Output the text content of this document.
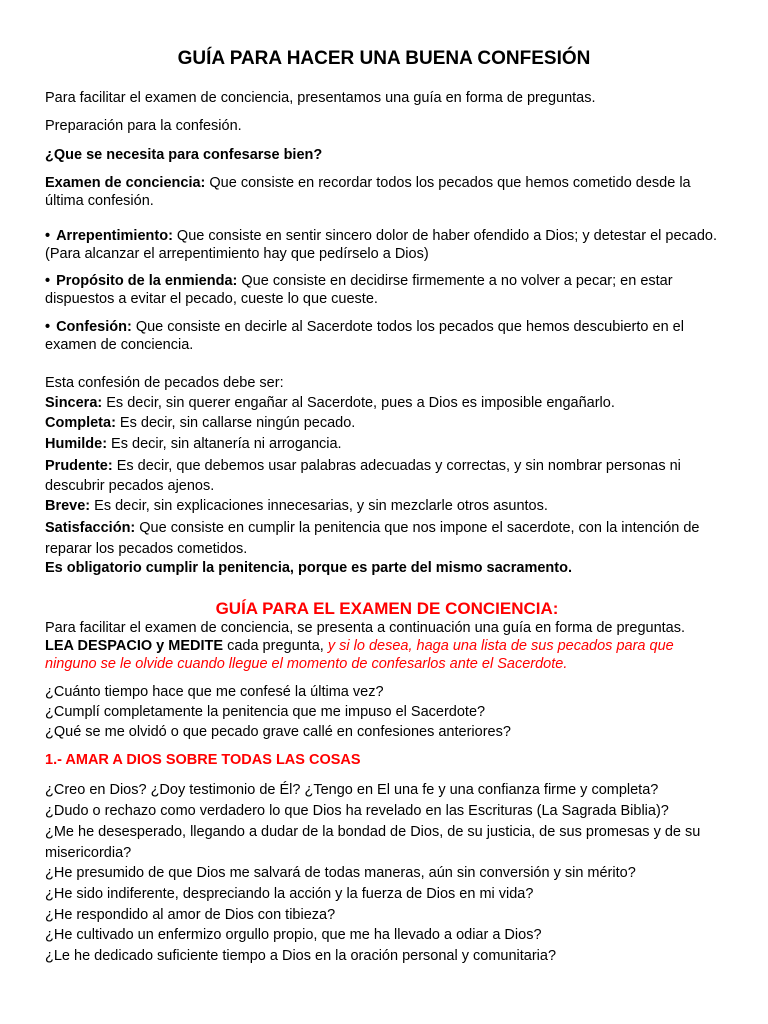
GUÍA PARA HACER UNA BUENA CONFESIÓN

Para facilitar el examen de conciencia, presentamos una guía en forma de preguntas.

Preparación para la confesión.

¿Que se necesita para confesarse bien?

Examen de conciencia: Que consiste en recordar todos los pecados que hemos cometido desde la última confesión.

• Arrepentimiento: Que consiste en sentir sincero dolor de haber ofendido a Dios; y detestar el pecado. (Para alcanzar el arrepentimiento hay que pedírselo a Dios)

• Propósito de la enmienda: Que consiste en decidirse firmemente a no volver a pecar; en estar dispuestos a evitar el pecado, cueste lo que cueste.

• Confesión: Que consiste en decirle al Sacerdote todos los pecados que hemos descubierto en el examen de conciencia.

Esta confesión de pecados debe ser:

Sincera: Es decir, sin querer engañar al Sacerdote, pues a Dios es imposible engañarlo.

Completa: Es decir, sin callarse ningún pecado.

Humilde: Es decir, sin altanería ni arrogancia.

Prudente: Es decir, que debemos usar palabras adecuadas y correctas, y sin nombrar personas ni descubrir pecados ajenos.

Breve: Es decir, sin explicaciones innecesarias, y sin mezclarle otros asuntos.

Satisfacción: Que consiste en cumplir la penitencia que nos impone el sacerdote, con la intención de reparar los pecados cometidos.

Es obligatorio cumplir la penitencia, porque es parte del mismo sacramento.

GUÍA PARA EL EXAMEN DE CONCIENCIA:

Para facilitar el examen de conciencia, se presenta a continuación una guía en forma de preguntas.

LEA DESPACIO y MEDITE cada pregunta, y si lo desea, haga una lista de sus pecados para que ninguno se le olvide cuando llegue el momento de confesarlos ante el Sacerdote.

¿Cuánto tiempo hace que me confesé la última vez?

¿Cumplí completamente la penitencia que me impuso el Sacerdote?

¿Qué se me olvidó o que pecado grave callé en confesiones anteriores?

1.- AMAR A DIOS SOBRE TODAS LAS COSAS

¿Creo en Dios? ¿Doy testimonio de Él? ¿Tengo en El una fe y una confianza firme y completa?

¿Dudo o rechazo como verdadero lo que Dios ha revelado en las Escrituras (La Sagrada Biblia)?

¿Me he desesperado, llegando a dudar de la bondad de Dios, de su justicia, de sus promesas y de su misericordia?

¿He presumido de que Dios me salvará de todas maneras, aún sin conversión y sin mérito?

¿He sido indiferente, despreciando la acción y la fuerza de Dios en mi vida?

¿He respondido al amor de Dios con tibieza?

¿He cultivado un enfermizo orgullo propio, que me ha llevado a odiar a Dios?

¿Le he dedicado suficiente tiempo a Dios en la oración personal y comunitaria?
